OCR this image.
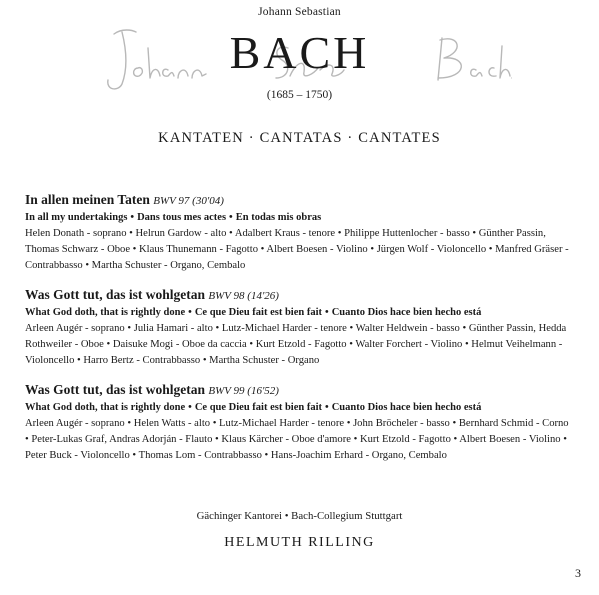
Johann Sebastian
BACH
(1685 – 1750)
KANTATEN · CANTATAS · CANTATES
In allen meinen Taten BWV 97 (30'04)
In all my undertakings • Dans tous mes actes • En todas mis obras
Helen Donath - soprano • Helrun Gardow - alto • Adalbert Kraus - tenore • Philippe Huttenlocher - basso • Günther Passin, Thomas Schwarz - Oboe • Klaus Thunemann - Fagotto • Albert Boesen - Violino • Jürgen Wolf - Violoncello • Manfred Gräser - Contrabbasso • Martha Schuster - Organo, Cembalo
Was Gott tut, das ist wohlgetan BWV 98 (14'26)
What God doth, that is rightly done • Ce que Dieu fait est bien fait • Cuanto Dios hace bien hecho está
Arleen Augér - soprano • Julia Hamari - alto • Lutz-Michael Harder - tenore • Walter Heldwein - basso • Günther Passin, Hedda Rothweiler - Oboe • Daisuke Mogi - Oboe da caccia • Kurt Etzold - Fagotto • Walter Forchert - Violino • Helmut Veihelmann - Violoncello • Harro Bertz - Contrabbasso • Martha Schuster - Organo
Was Gott tut, das ist wohlgetan BWV 99 (16'52)
What God doth, that is rightly done • Ce que Dieu fait est bien fait • Cuanto Dios hace bien hecho está
Arleen Augér - soprano • Helen Watts - alto • Lutz-Michael Harder - tenore • John Bröcheler - basso • Bernhard Schmid - Corno • Peter-Lukas Graf, Andras Adorján - Flauto • Klaus Kärcher - Oboe d'amore • Kurt Etzold - Fagotto • Albert Boesen - Violino • Peter Buck - Violoncello • Thomas Lom - Contrabbasso • Hans-Joachim Erhard - Organo, Cembalo
Gächinger Kantorei • Bach-Collegium Stuttgart
HELMUTH RILLING
3
